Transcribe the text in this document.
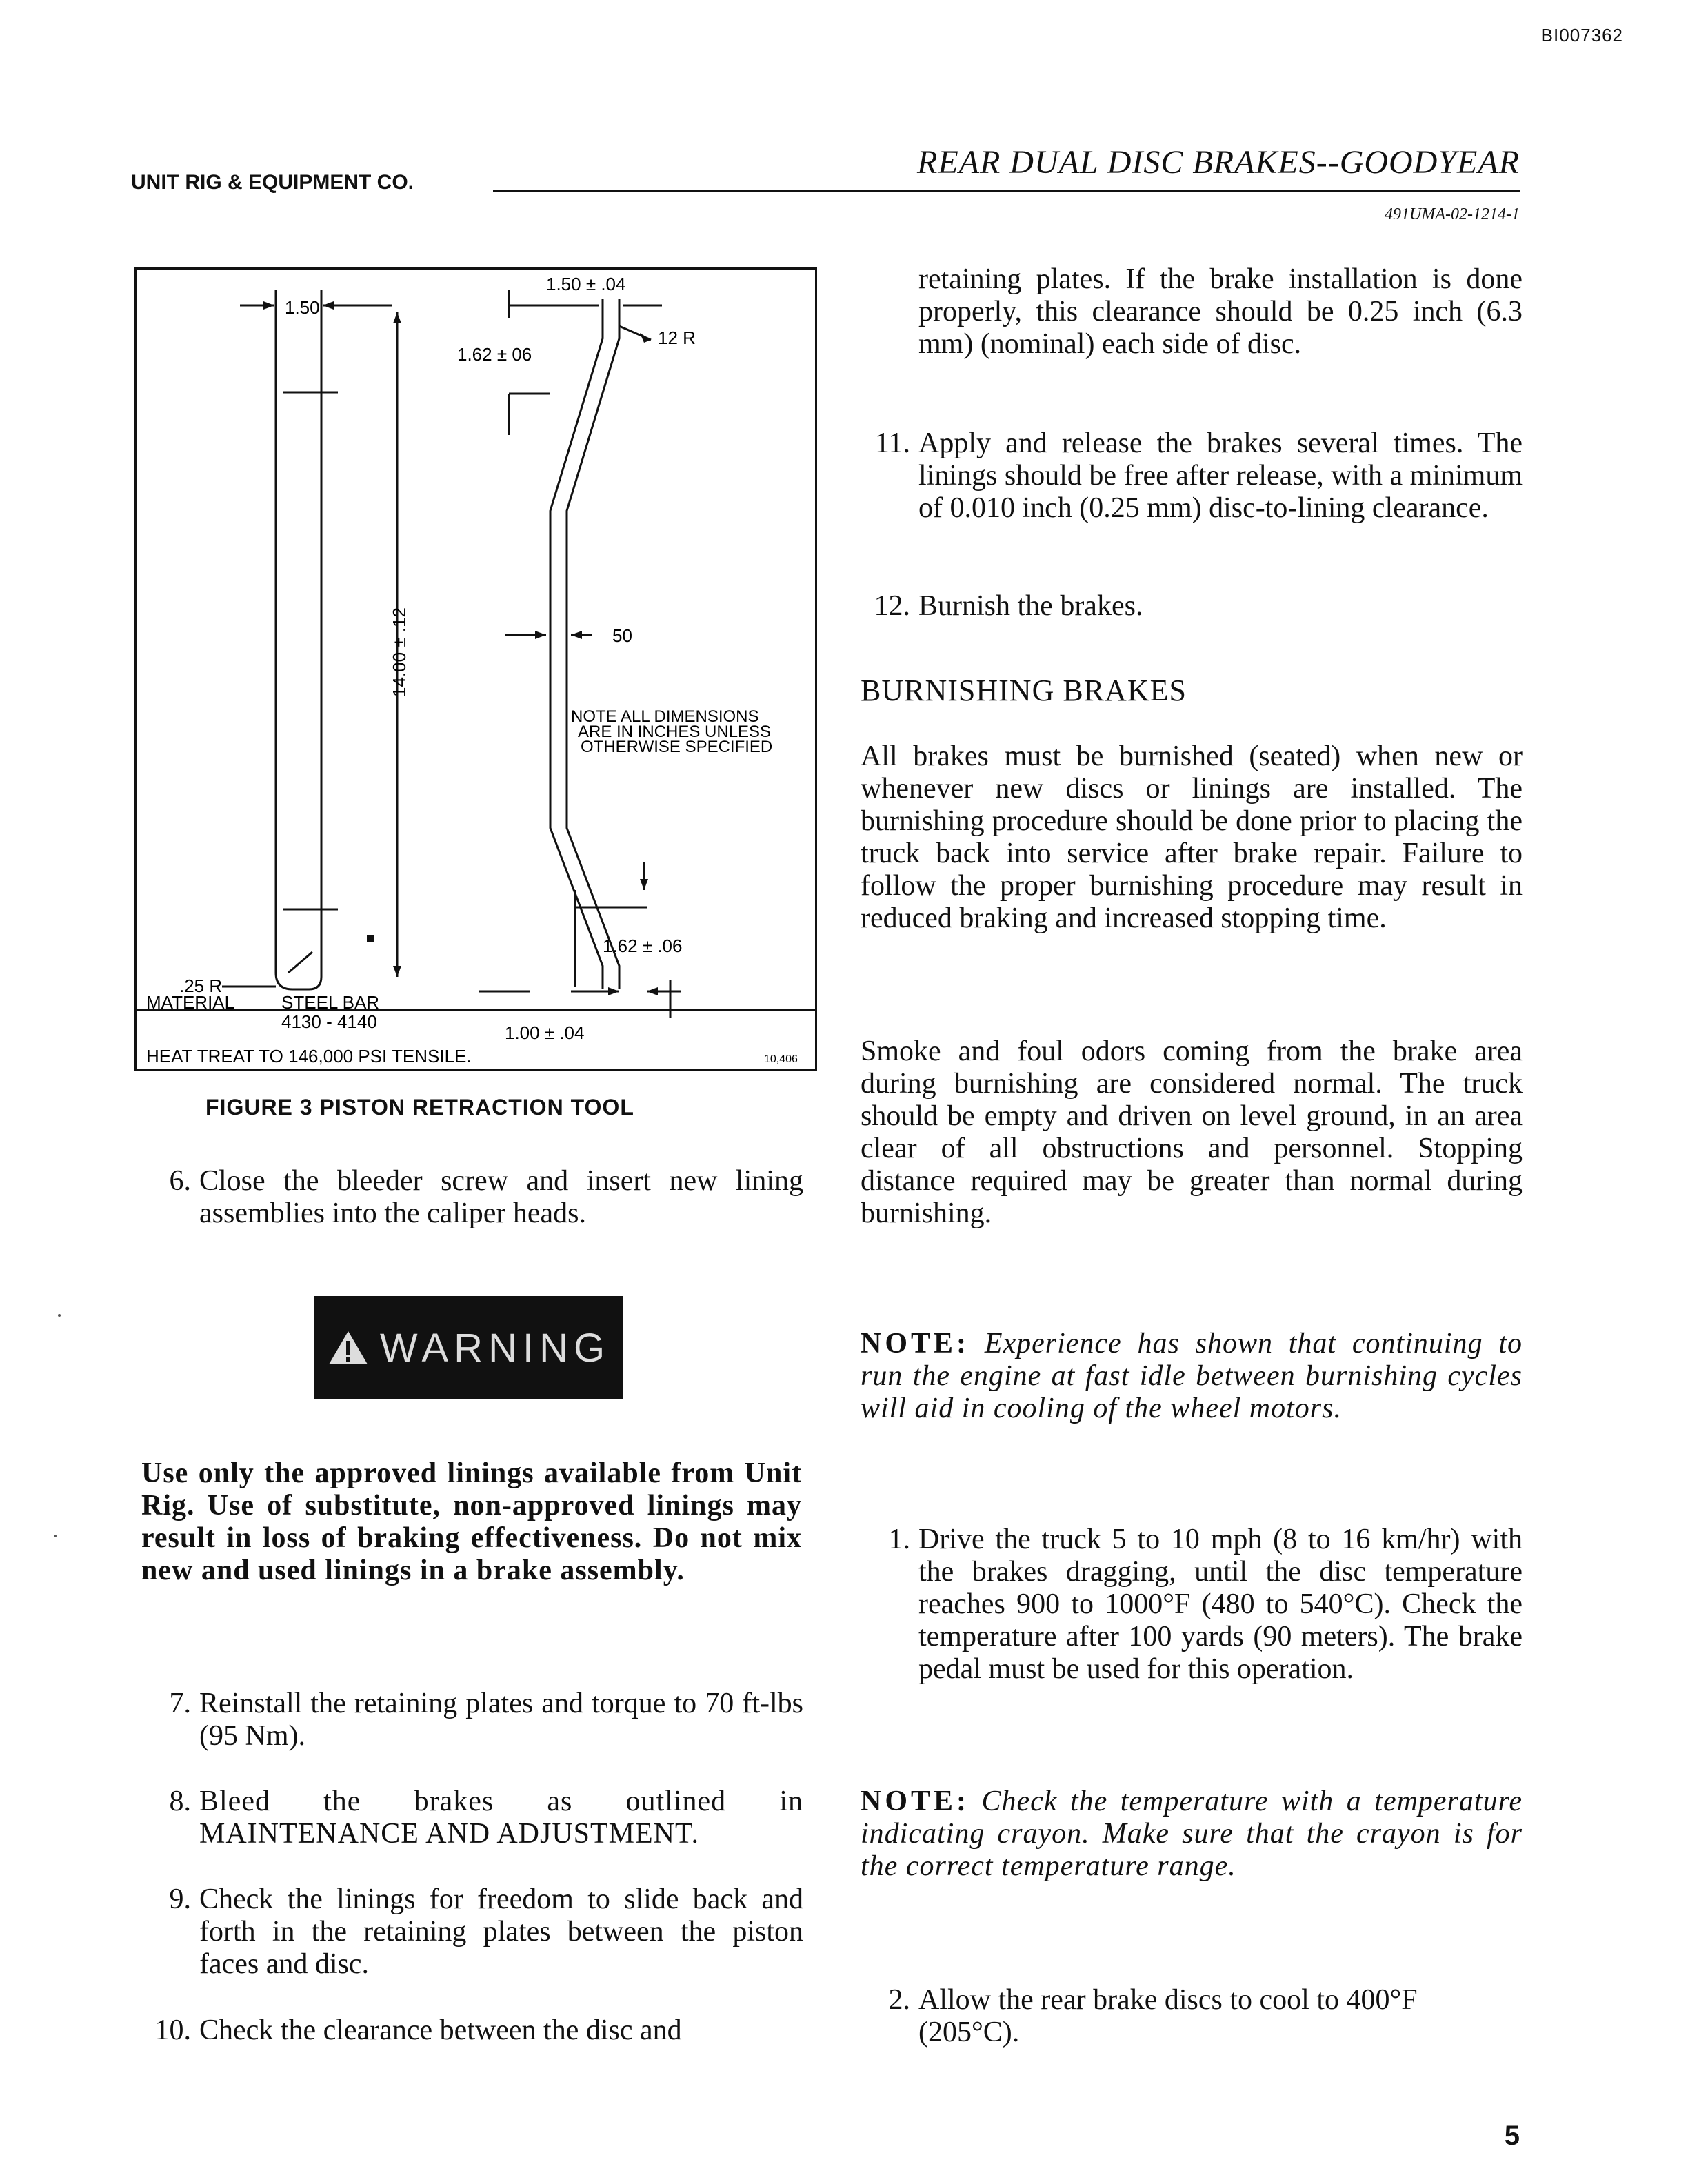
BI007362
UNIT RIG & EQUIPMENT CO.
REAR DUAL DISC BRAKES--GOODYEAR
491UMA-02-1214-1
1.50
1.50 ± .04
1.62 ± 06
12 R
14.00 ± .12	50
1.62 ± .06
1.00 ± .04
.25 R
NOTE ALL DIMENSIONS
ARE IN INCHES UNLESS
OTHERWISE SPECIFIED
MATERIAL	STEEL BAR
4130 - 4140
HEAT TREAT TO 146,000 PSI TENSILE.	10,406
FIGURE 3 PISTON RETRACTION TOOL
6. Close the bleeder screw and insert new lining assemblies into the caliper heads.
WARNING
Use only the approved linings available from Unit Rig. Use of substitute, non-approved linings may result in loss of braking effectiveness. Do not mix new and used linings in a brake assembly.
7. Reinstall the retaining plates and torque to 70 ft-lbs (95 Nm).
8. Bleed the brakes as outlined in MAINTENANCE AND ADJUSTMENT.
9. Check the linings for freedom to slide back and forth in the retaining plates between the piston faces and disc.
10. Check the clearance between the disc and
retaining plates. If the brake installation is done properly, this clearance should be 0.25 inch (6.3 mm) (nominal) each side of disc.
11. Apply and release the brakes several times. The linings should be free after release, with a minimum of 0.010 inch (0.25 mm) disc-to-lining clearance.
12. Burnish the brakes.
BURNISHING BRAKES

All brakes must be burnished (seated) when new or whenever new discs or linings are installed. The burnishing procedure should be done prior to placing the truck back into service after brake repair. Failure to follow the proper burnishing procedure may result in reduced braking and increased stopping time.

Smoke and foul odors coming from the brake area during burnishing are considered normal. The truck should be empty and driven on level ground, in an area clear of all obstructions and personnel. Stopping distance required may be greater than normal during burnishing.

NOTE: Experience has shown that continuing to run the engine at fast idle between burnishing cycles will aid in cooling of the wheel motors.
1. Drive the truck 5 to 10 mph (8 to 16 km/hr) with the brakes dragging, until the disc temperature reaches 900 to 1000°F (480 to 540°C). Check the temperature after 100 yards (90 meters). The brake pedal must be used for this operation.
NOTE: Check the temperature with a temperature indicating crayon. Make sure that the crayon is for the correct temperature range.
2. Allow the rear brake discs to cool to 400°F (205°C).
5
